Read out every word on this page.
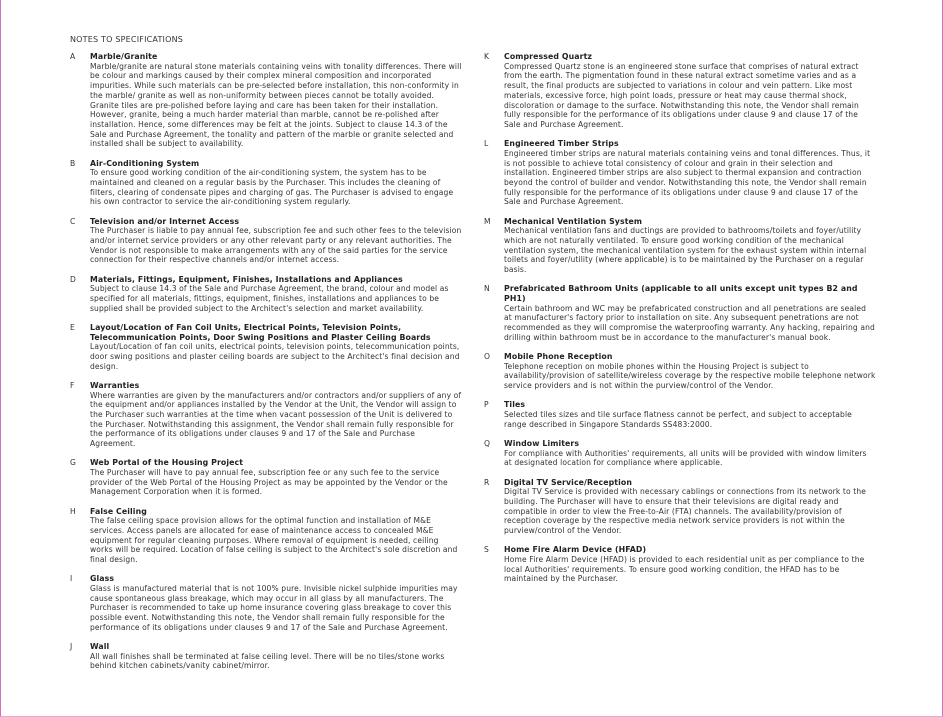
NOTES TO SPECIFICATIONS
A Marble/Granite
Marble/granite are natural stone materials containing veins with tonality differences. There will be colour and markings caused by their complex mineral composition and incorporated impurities. While such materials can be pre-selected before installation, this non-conformity in the marble/ granite as well as non-uniformity between pieces cannot be totally avoided. Granite tiles are pre-polished before laying and care has been taken for their installation. However, granite, being a much harder material than marble, cannot be re-polished after installation. Hence, some differences may be felt at the joints. Subject to clause 14.3 of the Sale and Purchase Agreement, the tonality and pattern of the marble or granite selected and installed shall be subject to availability.
B Air-Conditioning System
To ensure good working condition of the air-conditioning system, the system has to be maintained and cleaned on a regular basis by the Purchaser. This includes the cleaning of filters, clearing of condensate pipes and charging of gas. The Purchaser is advised to engage his own contractor to service the air-conditioning system regularly.
C Television and/or Internet Access
The Purchaser is liable to pay annual fee, subscription fee and such other fees to the television and/or internet service providers or any other relevant party or any relevant authorities. The Vendor is not responsible to make arrangements with any of the said parties for the service connection for their respective channels and/or internet access.
D Materials, Fittings, Equipment, Finishes, Installations and Appliances
Subject to clause 14.3 of the Sale and Purchase Agreement, the brand, colour and model as specified for all materials, fittings, equipment, finishes, installations and appliances to be supplied shall be provided subject to the Architect's selection and market availability.
E Layout/Location of Fan Coil Units, Electrical Points, Television Points, Telecommunication Points, Door Swing Positions and Plaster Ceiling Boards
Layout/Location of fan coil units, electrical points, television points, telecommunication points, door swing positions and plaster ceiling boards are subject to the Architect's final decision and design.
F Warranties
Where warranties are given by the manufacturers and/or contractors and/or suppliers of any of the equipment and/or appliances installed by the Vendor at the Unit, the Vendor will assign to the Purchaser such warranties at the time when vacant possession of the Unit is delivered to the Purchaser. Notwithstanding this assignment, the Vendor shall remain fully responsible for the performance of its obligations under clauses 9 and 17 of the Sale and Purchase Agreement.
G Web Portal of the Housing Project
The Purchaser will have to pay annual fee, subscription fee or any such fee to the service provider of the Web Portal of the Housing Project as may be appointed by the Vendor or the Management Corporation when it is formed.
H False Ceiling
The false ceiling space provision allows for the optimal function and installation of M&E services. Access panels are allocated for ease of maintenance access to concealed M&E equipment for regular cleaning purposes. Where removal of equipment is needed, ceiling works will be required. Location of false ceiling is subject to the Architect's sole discretion and final design.
I Glass
Glass is manufactured material that is not 100% pure. Invisible nickel sulphide impurities may cause spontaneous glass breakage, which may occur in all glass by all manufacturers. The Purchaser is recommended to take up home insurance covering glass breakage to cover this possible event. Notwithstanding this note, the Vendor shall remain fully responsible for the performance of its obligations under clauses 9 and 17 of the Sale and Purchase Agreement.
J Wall
All wall finishes shall be terminated at false ceiling level. There will be no tiles/stone works behind kitchen cabinets/vanity cabinet/mirror.
K Compressed Quartz
Compressed Quartz stone is an engineered stone surface that comprises of natural extract from the earth. The pigmentation found in these natural extract sometime varies and as a result, the final products are subjected to variations in colour and vein pattern. Like most materials, excessive force, high point loads, pressure or heat may cause thermal shock, discoloration or damage to the surface. Notwithstanding this note, the Vendor shall remain fully responsible for the performance of its obligations under clause 9 and clause 17 of the Sale and Purchase Agreement.
L Engineered Timber Strips
Engineered timber strips are natural materials containing veins and tonal differences. Thus, it is not possible to achieve total consistency of colour and grain in their selection and installation. Engineered timber strips are also subject to thermal expansion and contraction beyond the control of builder and vendor. Notwithstanding this note, the Vendor shall remain fully responsible for the performance of its obligations under clause 9 and clause 17 of the Sale and Purchase Agreement.
M Mechanical Ventilation System
Mechanical ventilation fans and ductings are provided to bathrooms/toilets and foyer/utility which are not naturally ventilated. To ensure good working condition of the mechanical ventilation system, the mechanical ventilation system for the exhaust system within internal toilets and foyer/utility (where applicable) is to be maintained by the Purchaser on a regular basis.
N Prefabricated Bathroom Units (applicable to all units except unit types B2 and PH1)
Certain bathroom and WC may be prefabricated construction and all penetrations are sealed at manufacturer's factory prior to installation on site. Any subsequent penetrations are not recommended as they will compromise the waterproofing warranty. Any hacking, repairing and drilling within bathroom must be in accordance to the manufacturer's manual book.
O Mobile Phone Reception
Telephone reception on mobile phones within the Housing Project is subject to availability/provision of satellite/wireless coverage by the respective mobile telephone network service providers and is not within the purview/control of the Vendor.
P Tiles
Selected tiles sizes and tile surface flatness cannot be perfect, and subject to acceptable range described in Singapore Standards SS483:2000.
Q Window Limiters
For compliance with Authorities' requirements, all units will be provided with window limiters at designated location for compliance where applicable.
R Digital TV Service/Reception
Digital TV Service is provided with necessary cablings or connections from its network to the building. The Purchaser will have to ensure that their televisions are digital ready and compatible in order to view the Free-to-Air (FTA) channels. The availability/provision of reception coverage by the respective media network service providers is not within the purview/control of the Vendor.
S Home Fire Alarm Device (HFAD)
Home Fire Alarm Device (HFAD) is provided to each residential unit as per compliance to the local Authorities' requirements. To ensure good working condition, the HFAD has to be maintained by the Purchaser.
